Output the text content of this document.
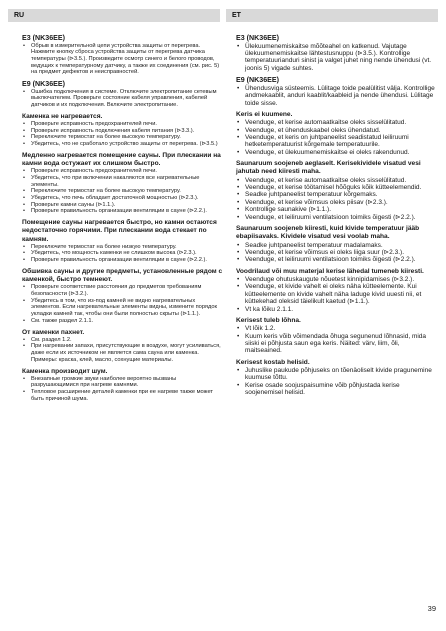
RU	ET
E3 (NK36EE)
• Обрыв в измерительной цепи устройства защиты от перегрева. Нажмите кнопку сброса устройства защиты от перегрева датчика температуры (⊳3.5.). Произведите осмотр синего и белого проводов, ведущих к температурному датчику, а также их соединения (см. рис. 5) на предмет дефектов и неисправностей.
E9 (NK36EE)
• Ошибка подключения в системе. Отключите электропитание сетевым выключателем. Проверьте состояние кабеля управления, кабелей датчиков и их подключения. Включите электропитание.
Каменка не нагревается.
• Проверьте исправность предохранителей печи.
• Проверьте исправность подключения кабеля питания (⊳3.3.).
• Переключите термостат на более высокую температуру.
• Убедитесь, что не сработало устройство защиты от перегрева. (⊳3.5.)
Медленно нагревается помещение сауны. При плескании на камни вода остужает их слишком быстро.
• Проверьте исправность предохранителей печи.
• Убедитесь, что при включении накаляются все нагревательные элементы.
• Переключите термостат на более высокую температуру.
• Убедитесь, что печь обладает достаточной мощностью (⊳2.3.).
• Проверьте камни сауны (⊳1.1.).
• Проверьте правильность организации вентиляции в сауне (⊳2.2.).
Помещение сауны нагревается быстро, но камни остаются недостаточно горячими. При плескании вода стекает по камням.
• Переключите термостат на более низкую температуру.
• Убедитесь, что мощность каменки не слишком высока (⊳2.3.).
• Проверьте правильность организации вентиляции в сауне (⊳2.2.).
Обшивка сауны и другие предметы, установленные рядом с каменкой, быстро темнеют.
• Проверьте соответствие расстояния до предметов требованиям безопасности (⊳3.2.).
• Убедитесь в том, что из-под камней не видно нагревательных элементов. Если нагревательные элементы видны, измените порядок укладки камней так, чтобы они были полностью скрыты (⊳1.1.).
• См. также раздел 2.1.1.
От каменки пахнет.
• См. раздел 1.2.
• При нагревании запахи, присутствующие в воздухе, могут усиливаться, даже если их источником не является сама сауна или каменка. Примеры: краска, клей, масло, сохнущие материалы.
Каменка производит шум.
• Внезапные громкие звуки наиболее вероятно вызваны разрушающимися при нагреве камнями.
• Тепловое расширение деталей каменки при ее нагреве также может быть причиной шума.
E3 (NK36EE)
• Ülekuumenemiskaitse mõõteahel on katkenud. Vajutage ülekuumenemiskaitse lähtestusnuppu (⊳3.5.). Kontrollige temperatuurianduri sinist ja valget juhet ning nende ühendusi (vt. joonis 5) vigade suhtes.
E9 (NK36EE)
• Ühendusviga süsteemis. Lülitage toide pealülitist välja. Kontrollige andmekaablit, anduri kaablit/kaableid ja nende ühendusi. Lülitage toide sisse.
Keris ei kuumene.
• Veenduge, et kerise automaatkaitse oleks sisselülitatud.
• Veenduge, et ühenduskaabel oleks ühendatud.
• Veenduge, et keris on juhtpaneelist seadistatud leiliruumi hetketemperatuurist kõrgemale temperatuurile.
• Veenduge, et ülekuumenemiskaitse ei oleks rakendunud.
Saunaruum soojeneb aeglaselt. Kerisekividele visatud vesi jahutab need kiiresti maha.
• Veenduge, et kerise automaatkaitse oleks sisselülitatud.
• Veenduge, et kerise töötamisel hõõguks kõik kütteelemendid.
• Seadke juhtpaneelist temperatuur kõrgemaks.
• Veenduge, et kerise võimsus oleks piisav (⊳2.3.).
• Kontrollige saunakive (⊳1.1.).
• Veenduge, et leiliruumi ventilatsioon toimiks õigesti (⊳2.2.).
Saunaruum soojeneb kiiresti, kuid kivide temperatuur jääb ebapiisavaks. Kividele visatud vesi voolab maha.
• Seadke juhtpaneelist temperatuur madalamaks.
• Veenduge, et kerise võimsus ei oleks liiga suur (⊳2.3.).
• Veenduge, et leiliruumi ventilatsioon toimiks õigesti (⊳2.2.).
Voodrilaud või muu materjal kerise lähedal tumeneb kiiresti.
• Veenduge ohutuskaugute nõuetest kinnipidamises (⊳3.2.).
• Veenduge, et kivide vahelt ei oleks näha kütteelemente. Kui kütteelemente on kivide vahelt näha laduge kivid uuesti nii, et küttekehad oleksid täielikult kaetud (⊳1.1.).
• Vt ka lõiku 2.1.1.
Kerisest tuleb lõhna.
• Vt lõik 1.2.
• Kuum keris võib võimendada õhuga segunenud lõhnasid, mida siiski ei põhjusta saun ega keris. Näited: värv, liim, õli, maitseained.
Kerisest kostab helisid.
• Juhuslike paukude põhjuseks on tõenäoliselt kivide praguneminе kuumuse tõttu.
• Kerise osade soojuspaisumine võib põhjustada kerise soojenemisel helisid.
39
